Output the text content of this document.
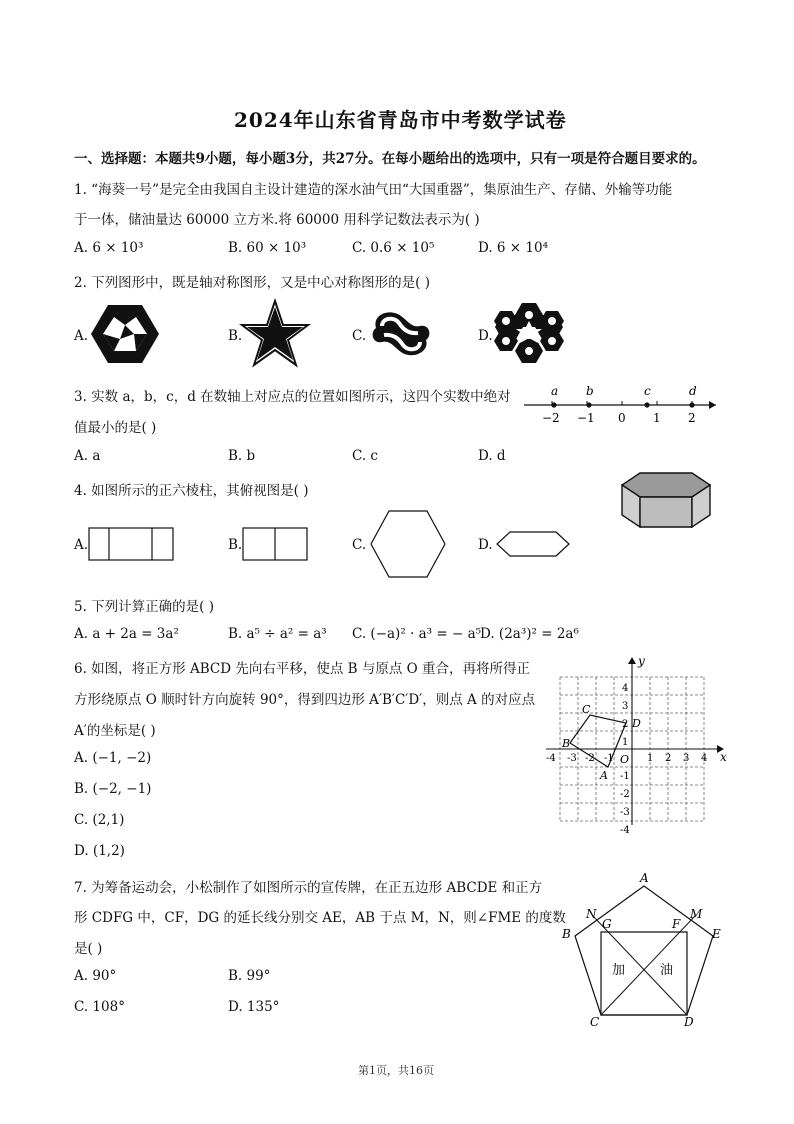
2024年山东省青岛市中考数学试卷
一、选择题：本题共9小题，每小题3分，共27分。在每小题给出的选项中，只有一项是符合题目要求的。
1. “海葵一号”是完全由我国自主设计建造的深水油气田“大国重器”，集原油生产、存储、外输等功能
于一体，储油量达 60000 立方米.将 60000 用科学记数法表示为( )
A. 6 × 10³	B. 60 × 10³	C. 0.6 × 10⁵	D. 6 × 10⁴
2. 下列图形中，既是轴对称图形，又是中心对称图形的是( )
A.	B.	C.	D.
3. 实数 a，b，c，d 在数轴上对应点的位置如图所示，这四个实数中绝对
值最小的是( )
A. a	B. b	C. c	D. d
a b	c	d
−2 −1 0 1 2
4. 如图所示的正六棱柱，其俯视图是( )
A.	B.	C.	D.
5. 下列计算正确的是( )
A. a + 2a = 3a²	B. a⁵ ÷ a² = a³ C. (−a)² · a³ = − a⁵
D. (2a³)² = 2a⁶
6. 如图，将正方形 ABCD 先向右平移，使点 B 与原点 O 重合，再将所得正
方形绕原点 O 顺时针方向旋转 90°，得到四边形 A′B′C′D′，则点 A 的对应点
A′的坐标是( )
A. (−1, −2)
B. (−2, −1)
C. (2,1)
D. (1,2)
x
y
O
B
C
D
A
-4 -3 -2 -1	1 2 3 4
4
3
2
1
-1
-2
-3
-4
7. 为筹备运动会，小松制作了如图所示的宣传牌，在正五边形 ABCDE 和正方
形 CDFG 中，CF，DG 的延长线分别交 AE，AB 于点 M，N，则∠FME 的度数
是( )
A. 90°	B. 99°
C. 108°	D. 135°
加	油
A
B
C	D
E
F
G
M
N
第1页，共16页
